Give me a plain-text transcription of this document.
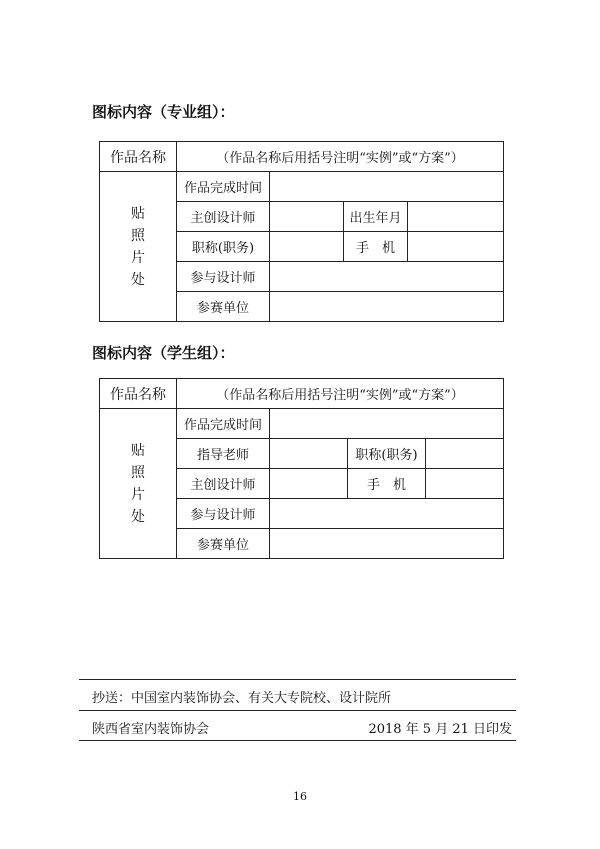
图标内容（专业组）：
作品名称	（作品名称后用括号注明“实例”或“方案”）			

贴
照
片
处	作品完成时间			
	主创设计师		出生年月	
	职称(职务)		手　机	
	参与设计师			
	参赛单位			
图标内容（学生组）：
作品名称	（作品名称后用括号注明“实例”或“方案”）			

贴
照
片
处	作品完成时间			
	指导老师		职称(职务)	
	主创设计师		手　机	
	参与设计师			
	参赛单位			
抄送：中国室内装饰协会、有关大专院校、设计院所
陕西省室内装饰协会	2018 年 5 月 21 日印发
16
